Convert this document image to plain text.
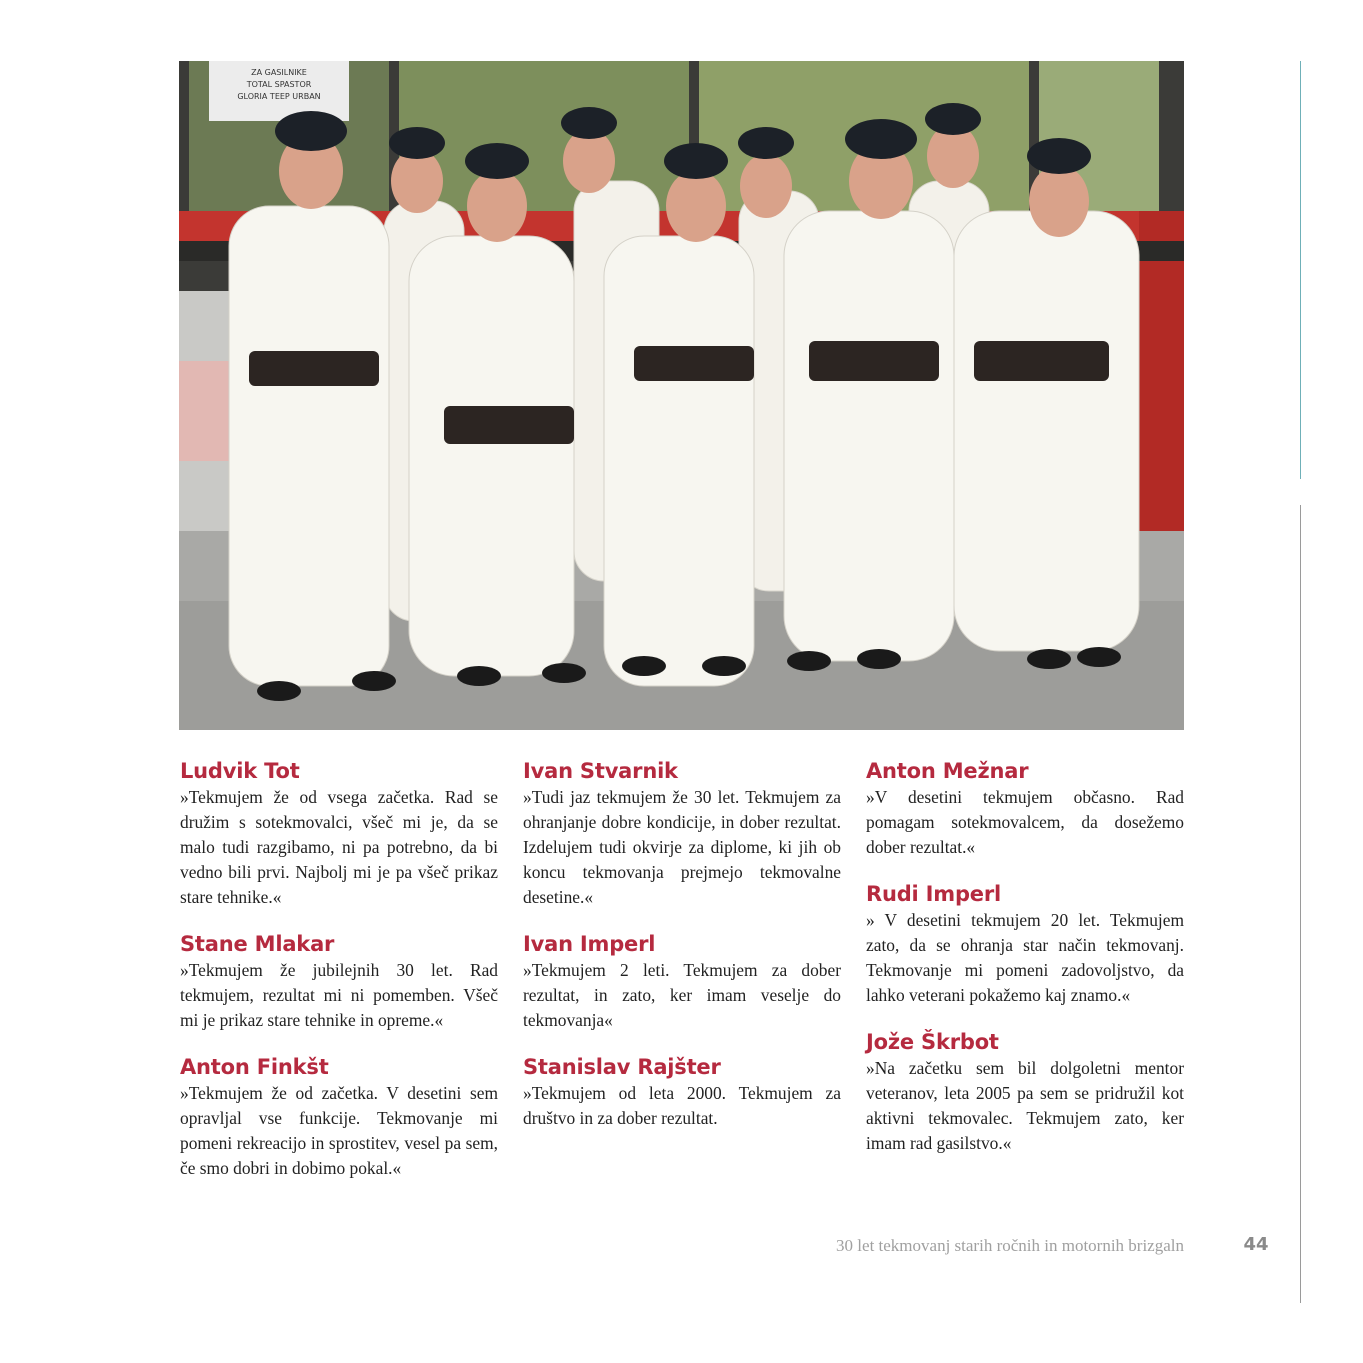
ZA GASILNIKE
TOTAL SPASTOR
GLORIA TEEP URBAN
Ludvik Tot

»Tekmujem že od vsega začetka. Rad se družim s sotekmovalci, všeč mi je, da se malo tudi razgibamo, ni pa potrebno, da bi vedno bili prvi. Najbolj mi je pa všeč prikaz stare tehnike.«

Stane Mlakar

»Tekmujem že jubilejnih 30 let. Rad tekmujem, rezultat mi ni pomemben. Všeč mi je prikaz stare tehnike in opreme.«

Anton Finkšt

»Tekmujem že od začetka. V desetini sem opravljal vse funkcije. Tekmovanje mi pomeni rekreacijo in sprostitev, vesel pa sem, če smo dobri in dobimo pokal.«

Ivan Stvarnik

»Tudi jaz tekmujem že 30 let. Tekmujem za ohranjanje dobre kondicije, in dober rezultat. Izdelujem tudi okvirje za diplome, ki jih ob koncu tekmovanja prejmejo tekmovalne desetine.«

Ivan Imperl

»Tekmujem 2 leti. Tekmujem za dober rezultat, in zato, ker imam veselje do tekmovanja«

Stanislav Rajšter

»Tekmujem od leta 2000. Tekmujem za društvo in za dober rezultat.

Anton Mežnar

»V desetini tekmujem občasno. Rad pomagam sotekmovalcem, da dosežemo dober rezultat.«

Rudi Imperl

» V desetini tekmujem 20 let. Tekmujem zato, da se ohranja star način tekmovanj. Tekmovanje mi pomeni zadovoljstvo, da lahko veterani pokažemo kaj znamo.«

Jože Škrbot

»Na začetku sem bil dolgoletni mentor veteranov, leta 2005 pa sem se pridružil kot aktivni tekmovalec. Tekmujem zato, ker imam rad gasilstvo.«

30 let tekmovanj starih ročnih in motornih brizgaln	44
